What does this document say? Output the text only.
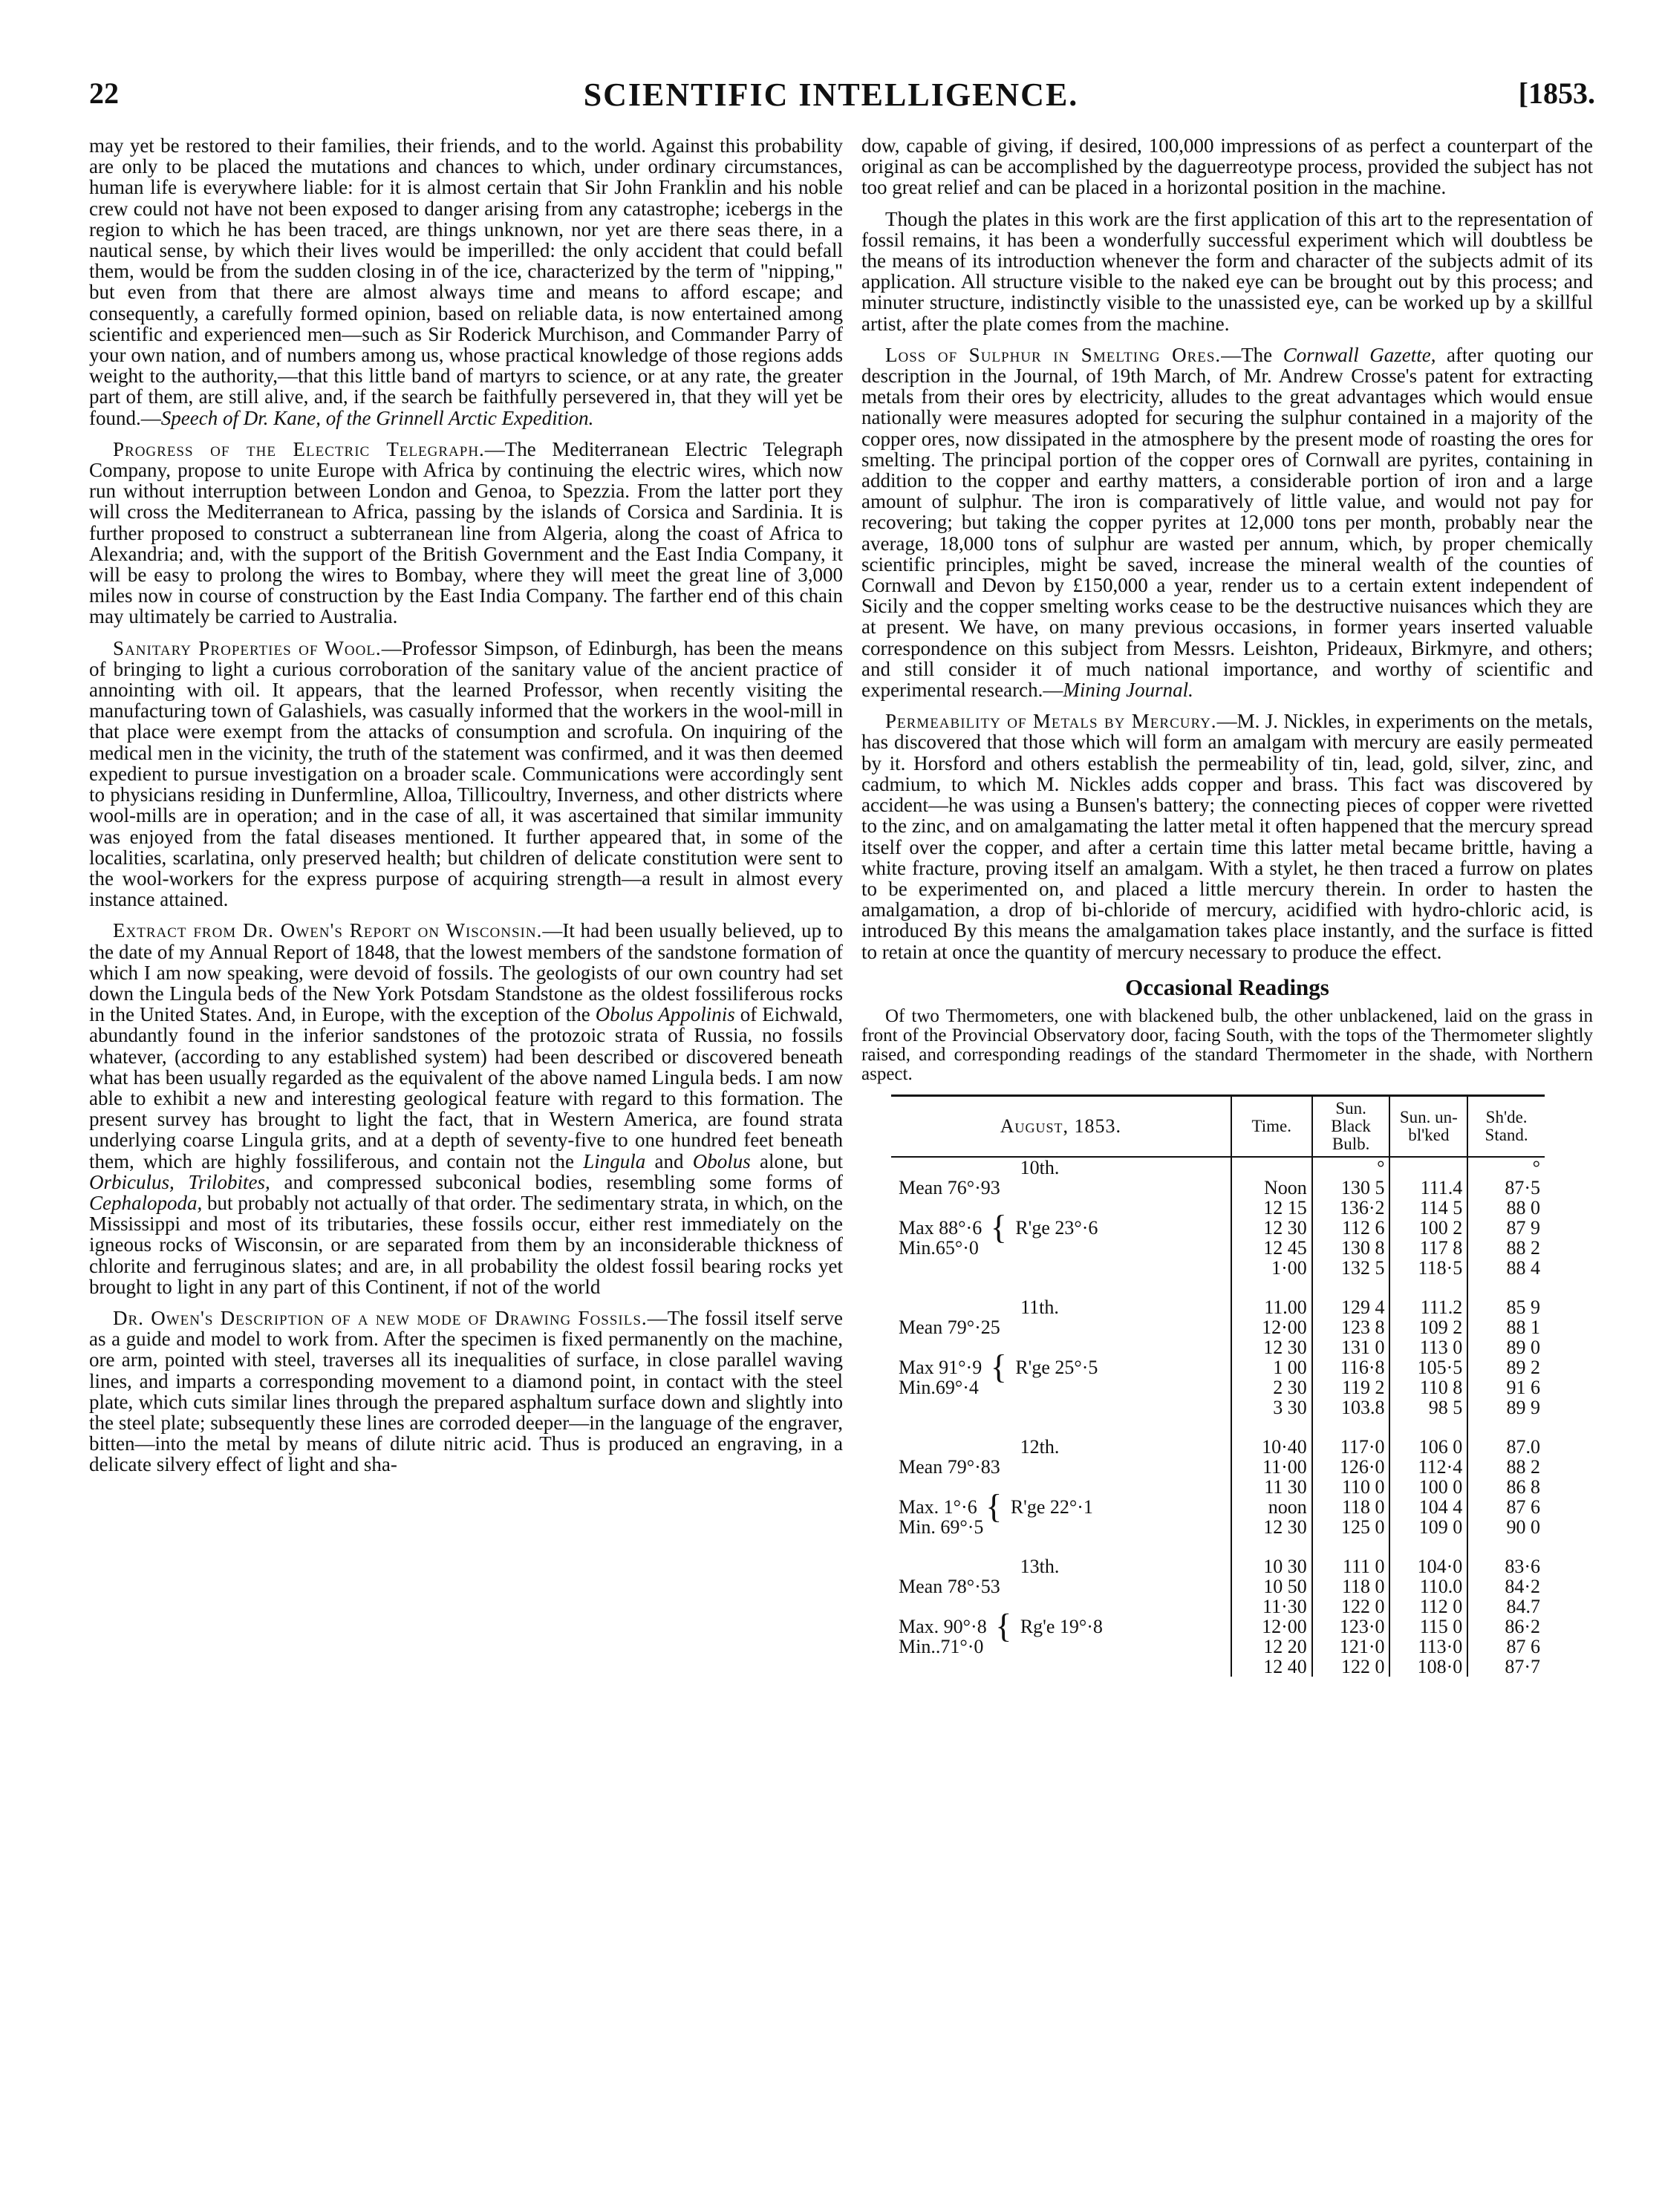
22	SCIENTIFIC INTELLIGENCE.	[1853.

may yet be restored to their families, their friends, and to the world. Against this probability are only to be placed the mutations and chances to which, under ordinary circumstances, human life is everywhere liable: for it is almost certain that Sir John Franklin and his noble crew could not have not been exposed to danger arising from any catastrophe; icebergs in the region to which he has been traced, are things unknown, nor yet are there seas there, in a nautical sense, by which their lives would be imperilled: the only accident that could befall them, would be from the sudden closing in of the ice, characterized by the term of "nipping," but even from that there are almost always time and means to afford escape; and consequently, a carefully formed opinion, based on reliable data, is now entertained among scientific and experienced men—such as Sir Roderick Murchison, and Commander Parry of your own nation, and of numbers among us, whose practical knowledge of those regions adds weight to the authority,—that this little band of martyrs to science, or at any rate, the greater part of them, are still alive, and, if the search be faithfully persevered in, that they will yet be found.—Speech of Dr. Kane, of the Grinnell Arctic Expedition.

Progress of the Electric Telegraph.—The Mediterranean Electric Telegraph Company, propose to unite Europe with Africa by continuing the electric wires, which now run without interruption between London and Genoa, to Spezzia. From the latter port they will cross the Mediterranean to Africa, passing by the islands of Corsica and Sardinia. It is further proposed to construct a subterranean line from Algeria, along the coast of Africa to Alexandria; and, with the support of the British Government and the East India Company, it will be easy to prolong the wires to Bombay, where they will meet the great line of 3,000 miles now in course of construction by the East India Company. The farther end of this chain may ultimately be carried to Australia.

Sanitary Properties of Wool.—Professor Simpson, of Edinburgh, has been the means of bringing to light a curious corroboration of the sanitary value of the ancient practice of annointing with oil. It appears, that the learned Professor, when recently visiting the manufacturing town of Galashiels, was casually informed that the workers in the wool-mill in that place were exempt from the attacks of consumption and scrofula. On inquiring of the medical men in the vicinity, the truth of the statement was confirmed, and it was then deemed expedient to pursue investigation on a broader scale. Communications were accordingly sent to physicians residing in Dunfermline, Alloa, Tillicoultry, Inverness, and other districts where wool-mills are in operation; and in the case of all, it was ascertained that similar immunity was enjoyed from the fatal diseases mentioned. It further appeared that, in some of the localities, scarlatina, only preserved health; but children of delicate constitution were sent to the wool-workers for the express purpose of acquiring strength—a result in almost every instance attained.

Extract from Dr. Owen's Report on Wisconsin.—It had been usually believed, up to the date of my Annual Report of 1848, that the lowest members of the sandstone formation of which I am now speaking, were devoid of fossils. The geologists of our own country had set down the Lingula beds of the New York Potsdam Standstone as the oldest fossiliferous rocks in the United States. And, in Europe, with the exception of the Obolus Appolinis of Eichwald, abundantly found in the inferior sandstones of the protozoic strata of Russia, no fossils whatever, (according to any established system) had been described or discovered beneath what has been usually regarded as the equivalent of the above named Lingula beds. I am now able to exhibit a new and interesting geological feature with regard to this formation. The present survey has brought to light the fact, that in Western America, are found strata underlying coarse Lingula grits, and at a depth of seventy-five to one hundred feet beneath them, which are highly fossiliferous, and contain not the Lingula and Obolus alone, but Orbiculus, Trilobites, and compressed subconical bodies, resembling some forms of Cephalopoda, but probably not actually of that order. The sedimentary strata, in which, on the Mississippi and most of its tributaries, these fossils occur, either rest immediately on the igneous rocks of Wisconsin, or are separated from them by an inconsiderable thickness of chlorite and ferruginous slates; and are, in all probability the oldest fossil bearing rocks yet brought to light in any part of this Continent, if not of the world

Dr. Owen's Description of a new mode of Drawing Fossils.—The fossil itself serve as a guide and model to work from. After the specimen is fixed permanently on the machine, ore arm, pointed with steel, traverses all its inequalities of surface, in close parallel waving lines, and imparts a corresponding movement to a diamond point, in contact with the steel plate, which cuts similar lines through the prepared asphaltum surface down and slightly into the steel plate; subsequently these lines are corroded deeper—in the language of the engraver, bitten—into the metal by means of dilute nitric acid. Thus is produced an engraving, in a delicate silvery effect of light and sha-

dow, capable of giving, if desired, 100,000 impressions of as perfect a counterpart of the original as can be accomplished by the daguerreotype process, provided the subject has not too great relief and can be placed in a horizontal position in the machine.

Though the plates in this work are the first application of this art to the representation of fossil remains, it has been a wonderfully successful experiment which will doubtless be the means of its introduction whenever the form and character of the subjects admit of its application. All structure visible to the naked eye can be brought out by this process; and minuter structure, indistinctly visible to the unassisted eye, can be worked up by a skillful artist, after the plate comes from the machine.

Loss of Sulphur in Smelting Ores.—The Cornwall Gazette, after quoting our description in the Journal, of 19th March, of Mr. Andrew Crosse's patent for extracting metals from their ores by electricity, alludes to the great advantages which would ensue nationally were measures adopted for securing the sulphur contained in a majority of the copper ores, now dissipated in the atmosphere by the present mode of roasting the ores for smelting. The principal portion of the copper ores of Cornwall are pyrites, containing in addition to the copper and earthy matters, a considerable portion of iron and a large amount of sulphur. The iron is comparatively of little value, and would not pay for recovering; but taking the copper pyrites at 12,000 tons per month, probably near the average, 18,000 tons of sulphur are wasted per annum, which, by proper chemically scientific principles, might be saved, increase the mineral wealth of the counties of Cornwall and Devon by £150,000 a year, render us to a certain extent independent of Sicily and the copper smelting works cease to be the destructive nuisances which they are at present. We have, on many previous occasions, in former years inserted valuable correspondence on this subject from Messrs. Leishton, Prideaux, Birkmyre, and others; and still consider it of much national importance, and worthy of scientific and experimental research.—Mining Journal.

Permeability of Metals by Mercury.—M. J. Nickles, in experiments on the metals, has discovered that those which will form an amalgam with mercury are easily permeated by it. Horsford and others establish the permeability of tin, lead, gold, silver, zinc, and cadmium, to which M. Nickles adds copper and brass. This fact was discovered by accident—he was using a Bunsen's battery; the connecting pieces of copper were rivetted to the zinc, and on amalgamating the latter metal it often happened that the mercury spread itself over the copper, and after a certain time this latter metal became brittle, having a white fracture, proving itself an amalgam. With a stylet, he then traced a furrow on plates to be experimented on, and placed a little mercury therein. In order to hasten the amalgamation, a drop of bi-chloride of mercury, acidified with hydro-chloric acid, is introduced By this means the amalgamation takes place instantly, and the surface is fitted to retain at once the quantity of mercury necessary to produce the effect.

Occasional Readings

Of two Thermometers, one with blackened bulb, the other unblackened, laid on the grass in front of the Provincial Observatory door, facing South, with the tops of the Thermometer slightly raised, and corresponding readings of the standard Thermometer in the shade, with Northern aspect.

August, 1853.	Time.	Sun. Black Bulb.	Sun. un-bl'ked	Sh'de. Stand.

10th.		°		°
Mean 76°·93	Noon	130 5	111.4	87·5
	12 15	136·2	114 5	88 0
Max 88°·6 { R'ge 23°·6	12 30	112 6	100 2	87 9
Min.65°·0	12 45	130 8	117 8	88 2
	1·00	132 5	118·5	88 4

11th.	11.00	129 4	111.2	85 9
Mean 79°·25	12·00	123 8	109 2	88 1
	12 30	131 0	113 0	89 0
Max 91°·9 { R'ge 25°·5	1 00	116·8	105·5	89 2
Min.69°·4	2 30	119 2	110 8	91 6
	3 30	103.8	98 5	89 9

12th.	10·40	117·0	106 0	87.0
Mean 79°·83	11·00	126·0	112·4	88 2
	11 30	110 0	100 0	86 8
Max. 1°·6 { R'ge 22°·1	noon	118 0	104 4	87 6
Min. 69°·5	12 30	125 0	109 0	90 0

13th.	10 30	111 0	104·0	83·6
Mean 78°·53	10 50	118 0	110.0	84·2
	11·30	122 0	112 0	84.7
Max. 90°·8 { Rg'e 19°·8	12·00	123·0	115 0	86·2
Min..71°·0	12 20	121·0	113·0	87 6
	12 40	122 0	108·0	87·7
